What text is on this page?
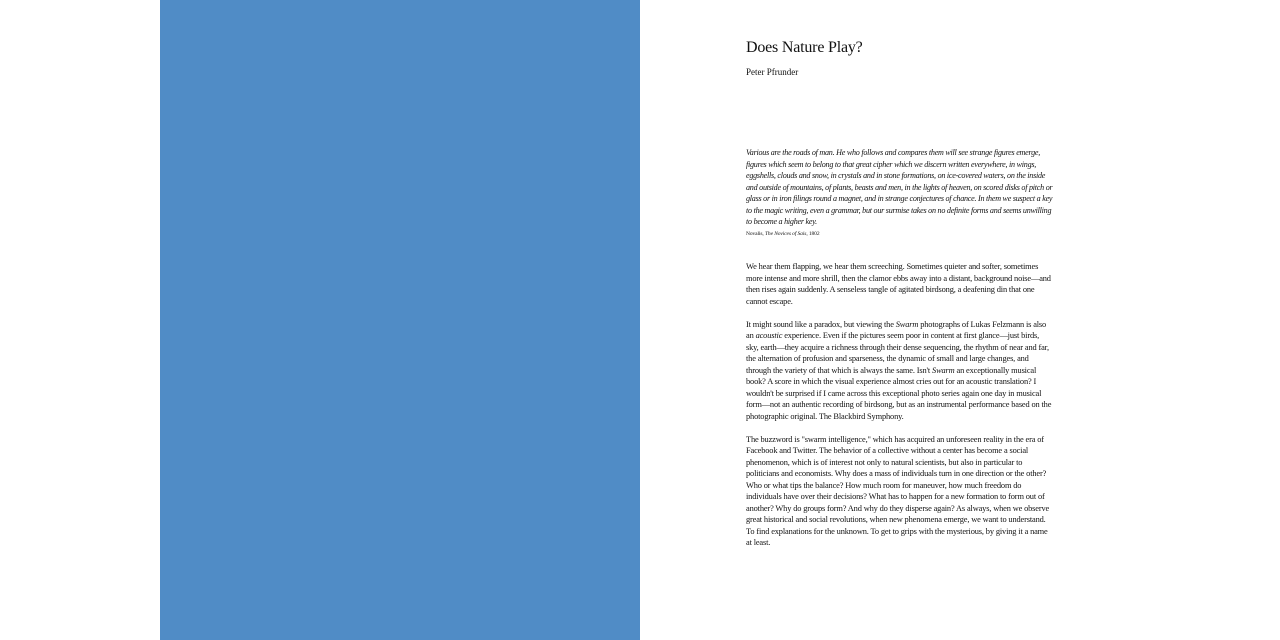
Does Nature Play?

Peter Pfrunder

Various are the roads of man. He who follows and compares them will see strange figures emerge, figures which seem to belong to that great cipher which we discern written everywhere, in wings, eggshells, clouds and snow, in crystals and in stone formations, on ice-covered waters, on the inside and outside of mountains, of plants, beasts and men, in the lights of heaven, on scored disks of pitch or glass or in iron filings round a magnet, and in strange conjectures of chance. In them we suspect a key to the magic writing, even a grammar, but our surmise takes on no definite forms and seems unwilling to become a higher key.

Novalis, The Novices of Sais, 1802

We hear them flapping, we hear them screeching. Sometimes quieter and softer, sometimes more intense and more shrill, then the clamor ebbs away into a distant, background noise—and then rises again suddenly. A senseless tangle of agitated birdsong, a deafening din that one cannot escape.

It might sound like a paradox, but viewing the Swarm photographs of Lukas Felzmann is also an acoustic experience. Even if the pictures seem poor in content at first glance—just birds, sky, earth—they acquire a richness through their dense sequencing, the rhythm of near and far, the alternation of profusion and sparseness, the dynamic of small and large changes, and through the variety of that which is always the same. Isn't Swarm an exceptionally musical book? A score in which the visual experience almost cries out for an acoustic translation? I wouldn't be surprised if I came across this exceptional photo series again one day in musical form—not an authentic recording of birdsong, but as an instrumental performance based on the photographic original. The Blackbird Symphony.

The buzzword is "swarm intelligence," which has acquired an unforeseen reality in the era of Facebook and Twitter. The behavior of a collective without a center has become a social phenomenon, which is of interest not only to natural scientists, but also in particular to politicians and economists. Why does a mass of individuals turn in one direction or the other? Who or what tips the balance? How much room for maneuver, how much freedom do individuals have over their decisions? What has to happen for a new formation to form out of another? Why do groups form? And why do they disperse again? As always, when we observe great historical and social revolutions, when new phenomena emerge, we want to understand. To find explanations for the unknown. To get to grips with the mysterious, by giving it a name at least.
